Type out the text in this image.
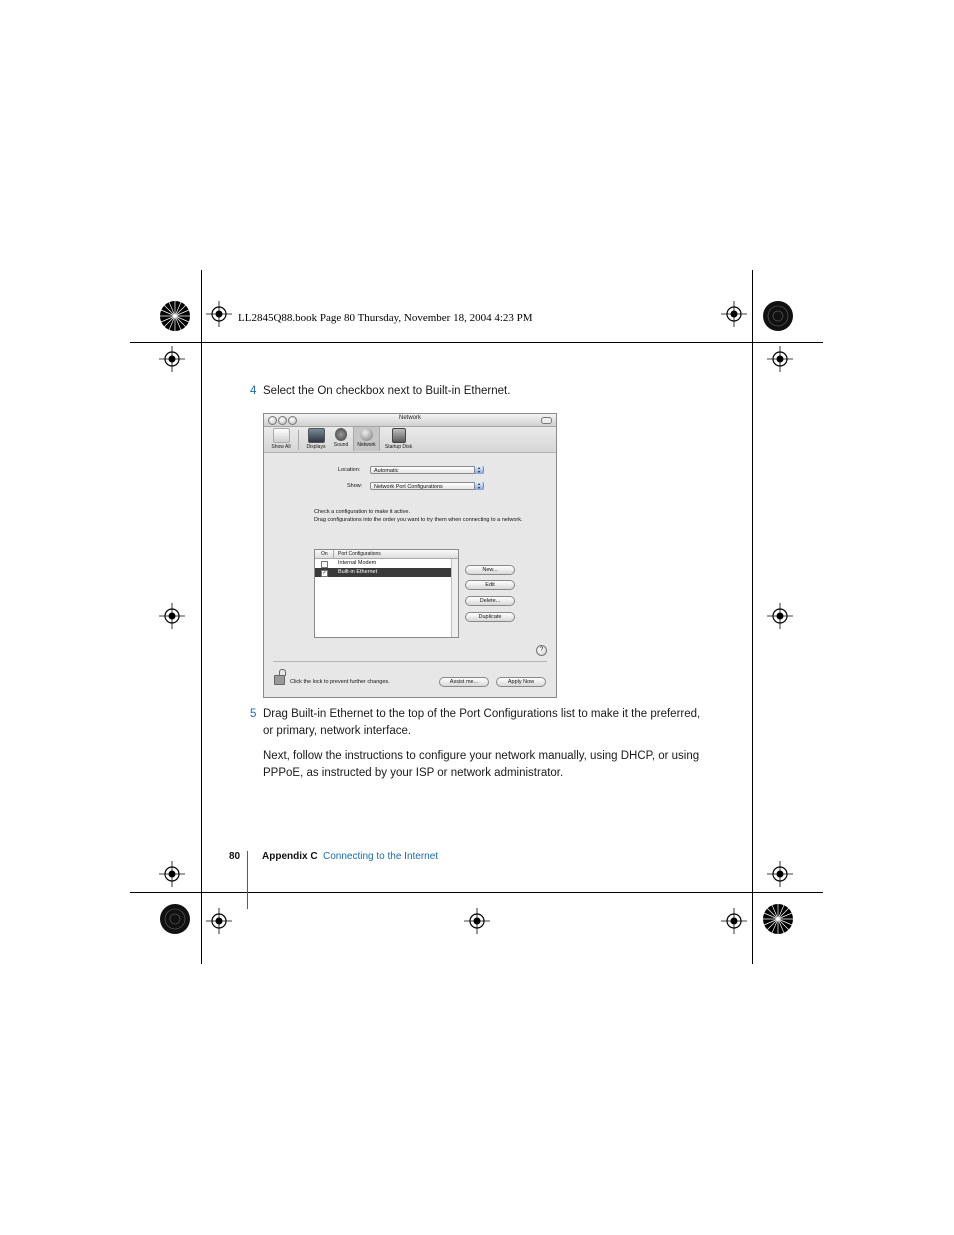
LL2845Q88.book Page 80 Thursday, November 18, 2004 4:23 PM
4 Select the On checkbox next to Built-in Ethernet.
Network
Show All	Displays	Sound	Network	Startup Disk
Location:	Automatic
▴
▾
Show:	Network Port Configurations
▴
▾
Check a configuration to make it active.
Drag configurations into the order you want to try them when connecting to a network.
On Port Configurations
Internal Modem
✓ Built-in Ethernet	New...
Edit
Delete...
Duplicate
?
Click the lock to prevent further changes.	Assist me...	Apply Now
5 Drag Built-in Ethernet to the top of the Port Configurations list to make it the preferred, or primary, network interface.
Next, follow the instructions to configure your network manually, using DHCP, or using PPPoE, as instructed by your ISP or network administrator.
80 Appendix C Connecting to the Internet
